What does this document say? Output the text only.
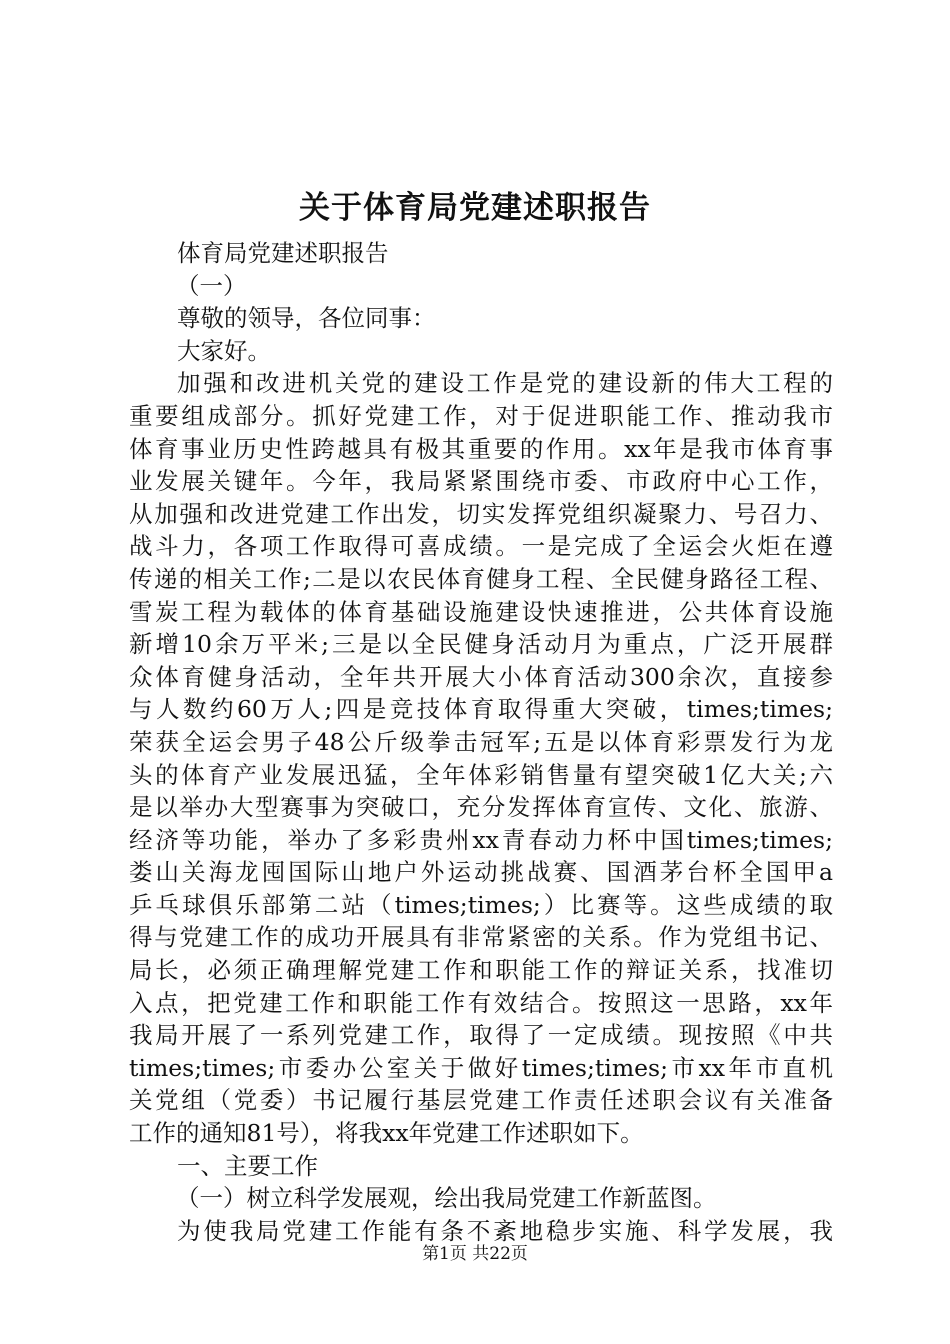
关于体育局党建述职报告
体育局党建述职报告
（一）
尊敬的领导，各位同事：
大家好。
加强和改进机关党的建设工作是党的建设新的伟大工程的
重要组成部分。抓好党建工作，对于促进职能工作、推动我市
体育事业历史性跨越具有极其重要的作用。xx年是我市体育事
业发展关键年。今年，我局紧紧围绕市委、市政府中心工作，
从加强和改进党建工作出发，切实发挥党组织凝聚力、号召力、
战斗力，各项工作取得可喜成绩。一是完成了全运会火炬在遵
传递的相关工作;二是以农民体育健身工程、全民健身路径工程、
雪炭工程为载体的体育基础设施建设快速推进，公共体育设施
新增10余万平米;三是以全民健身活动月为重点，广泛开展群
众体育健身活动，全年共开展大小体育活动300余次，直接参
与人数约60万人;四是竞技体育取得重大突破，times;times;
荣获全运会男子48公斤级拳击冠军;五是以体育彩票发行为龙
头的体育产业发展迅猛，全年体彩销售量有望突破1亿大关;六
是以举办大型赛事为突破口，充分发挥体育宣传、文化、旅游、
经济等功能，举办了多彩贵州xx青春动力杯中国times;times;
娄山关海龙囤国际山地户外运动挑战赛、国酒茅台杯全国甲a
乒乓球俱乐部第二站（times;times;）比赛等。这些成绩的取
得与党建工作的成功开展具有非常紧密的关系。作为党组书记、
局长，必须正确理解党建工作和职能工作的辩证关系，找准切
入点，把党建工作和职能工作有效结合。按照这一思路，xx年
我局开展了一系列党建工作，取得了一定成绩。现按照《中共
times;times;市委办公室关于做好times;times;市xx年市直机
关党组（党委）书记履行基层党建工作责任述职会议有关准备
工作的通知81号），将我xx年党建工作述职如下。
一、主要工作
（一）树立科学发展观，绘出我局党建工作新蓝图。
为使我局党建工作能有条不紊地稳步实施、科学发展，我
第1页 共22页
